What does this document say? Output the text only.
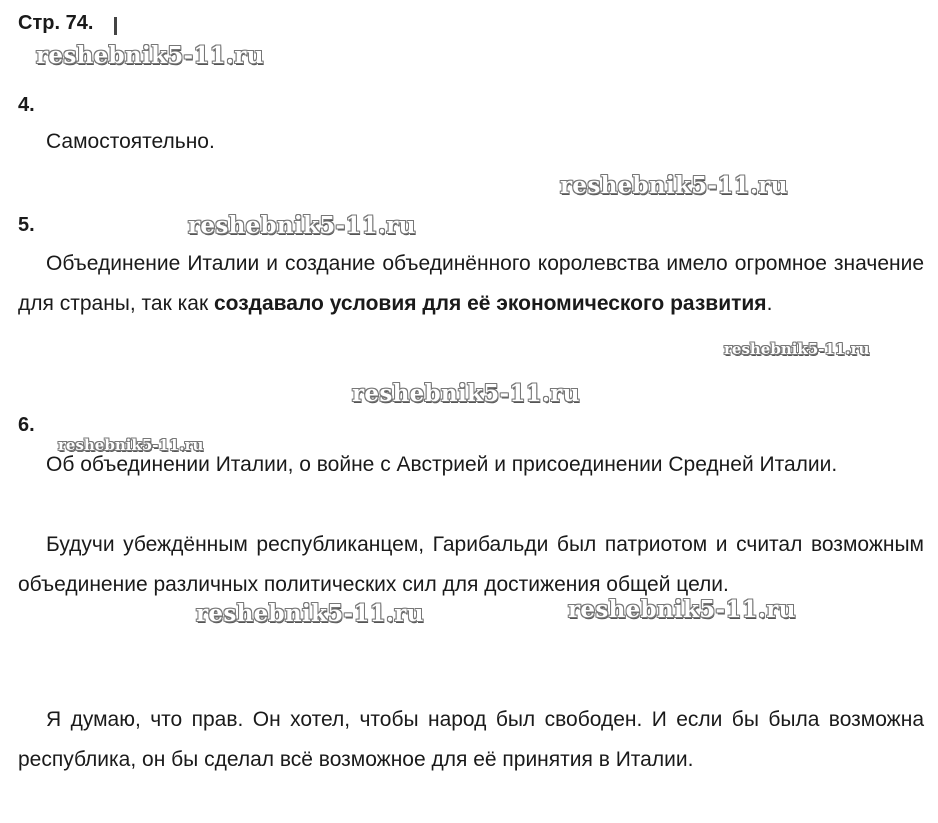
Стр. 74.
4.
Самостоятельно.
5.
Объединение Италии и создание объединённого королевства имело огромное значение для страны, так как создавало условия для её экономического развития.
6.
Об объединении Италии, о войне с Австрией и присоединении Средней Италии.
Будучи убеждённым республиканцем, Гарибальди был патриотом и считал возможным объединение различных политических сил для достижения общей цели.
Я думаю, что прав. Он хотел, чтобы народ был свободен. И если бы была возможна республика, он бы сделал всё возможное для её принятия в Италии.
reshebnik5-11.ru
reshebnik5-11.ru
reshebnik5-11.ru
reshebnik5-11.ru
reshebnik5-11.ru
reshebnik5-11.ru
reshebnik5-11.ru	reshebnik5-11.ru
